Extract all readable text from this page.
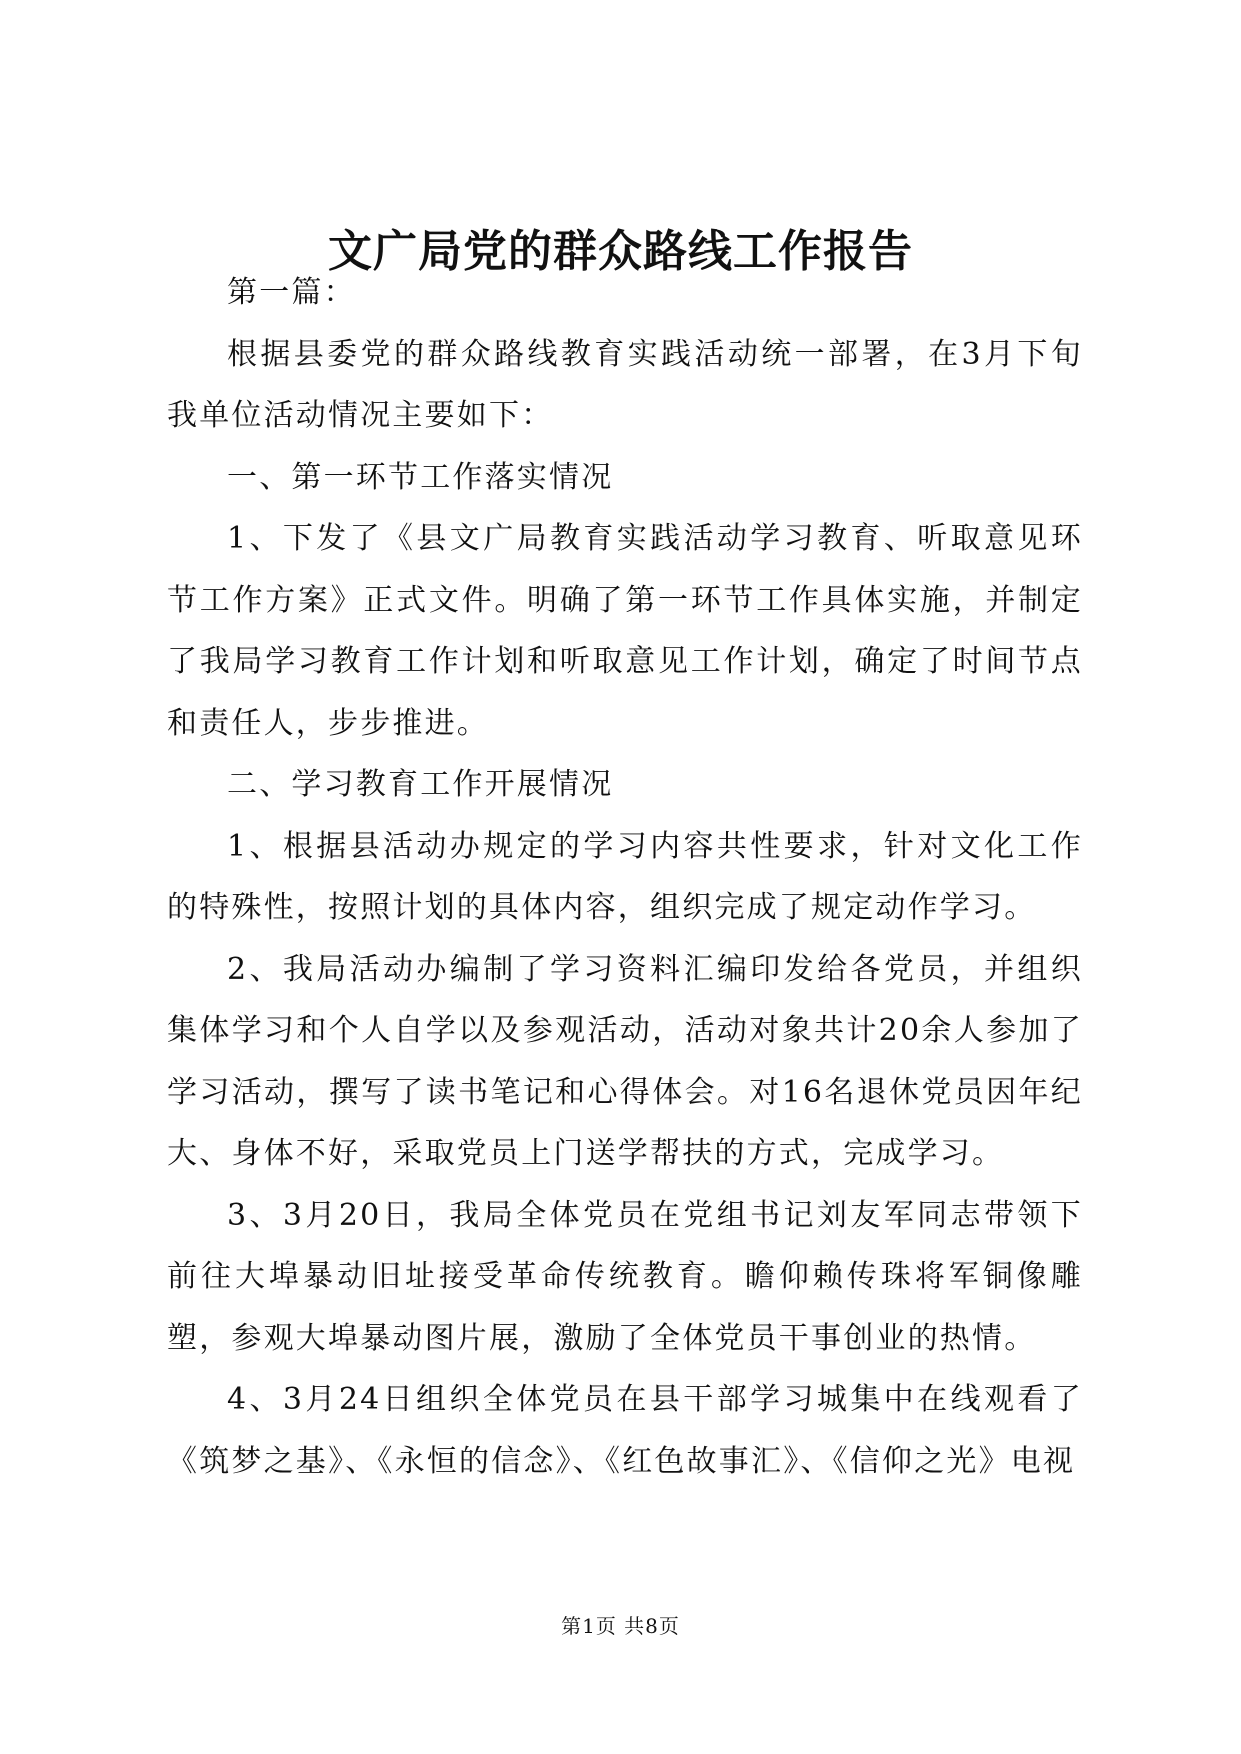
文广局党的群众路线工作报告

第一篇：

根据县委党的群众路线教育实践活动统一部署，在3月下旬我单位活动情况主要如下：

一、第一环节工作落实情况

1、下发了《县文广局教育实践活动学习教育、听取意见环节工作方案》正式文件。明确了第一环节工作具体实施，并制定了我局学习教育工作计划和听取意见工作计划，确定了时间节点和责任人，步步推进。

二、学习教育工作开展情况

1、根据县活动办规定的学习内容共性要求，针对文化工作的特殊性，按照计划的具体内容，组织完成了规定动作学习。

2、我局活动办编制了学习资料汇编印发给各党员，并组织集体学习和个人自学以及参观活动，活动对象共计20余人参加了学习活动，撰写了读书笔记和心得体会。对16名退休党员因年纪大、身体不好，采取党员上门送学帮扶的方式，完成学习。

3、3月20日，我局全体党员在党组书记刘友军同志带领下前往大埠暴动旧址接受革命传统教育。瞻仰赖传珠将军铜像雕塑，参观大埠暴动图片展，激励了全体党员干事创业的热情。

4、3月24日组织全体党员在县干部学习城集中在线观看了《筑梦之基》、《永恒的信念》、《红色故事汇》、《信仰之光》电视

第1页 共8页
